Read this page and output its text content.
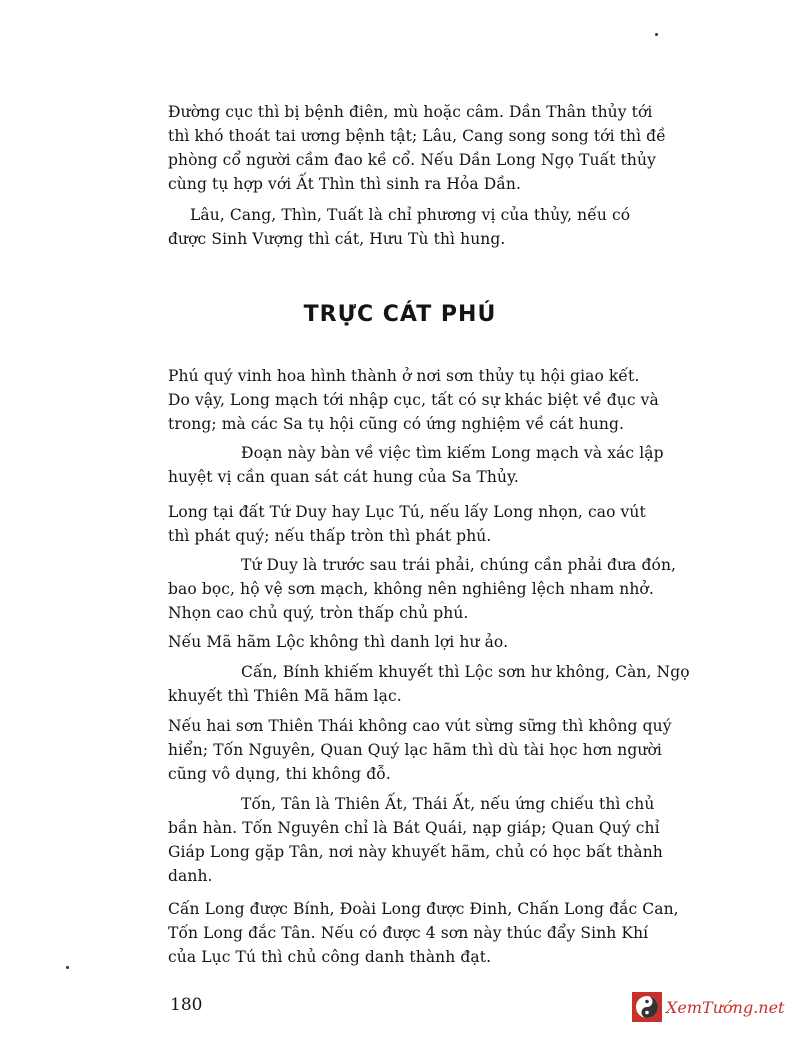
Đường cục thì bị bệnh điên, mù hoặc câm. Dần Thân thủy tới
thì khó thoát tai ương bệnh tật; Lâu, Cang song song tới thì đề
phòng cổ người cầm đao kề cổ. Nếu Dần Long Ngọ Tuất thủy
cùng tụ hợp với Ất Thìn thì sinh ra Hỏa Dần.
Lâu, Cang, Thìn, Tuất là chỉ phương vị của thủy, nếu có
được Sinh Vượng thì cát, Hưu Tù thì hung.
TRỰC CÁT PHÚ
Phú quý vinh hoa hình thành ở nơi sơn thủy tụ hội giao kết.
Do vậy, Long mạch tới nhập cục, tất có sự khác biệt về đục và
trong; mà các Sa tụ hội cũng có ứng nghiệm về cát hung.
Đoạn này bàn về việc tìm kiếm Long mạch và xác lập
huyệt vị cần quan sát cát hung của Sa Thủy.
Long tại đất Tứ Duy hay Lục Tú, nếu lấy Long nhọn, cao vút
thì phát quý; nếu thấp tròn thì phát phú.
Tứ Duy là trước sau trái phải, chúng cần phải đưa đón,
bao bọc, hộ vệ sơn mạch, không nên nghiêng lệch nham nhở.
Nhọn cao chủ quý, tròn thấp chủ phú.
Nếu Mã hãm Lộc không thì danh lợi hư ảo.
Cấn, Bính khiếm khuyết thì Lộc sơn hư không, Càn, Ngọ
khuyết thì Thiên Mã hãm lạc.
Nếu hai sơn Thiên Thái không cao vút sừng sững thì không quý
hiển; Tốn Nguyên, Quan Quý lạc hãm thì dù tài học hơn người
cũng vô dụng, thi không đỗ.
Tốn, Tân là Thiên Ất, Thái Ất, nếu ứng chiếu thì chủ
bần hàn. Tốn Nguyên chỉ là Bát Quái, nạp giáp; Quan Quý chỉ
Giáp Long gặp Tân, nơi này khuyết hãm, chủ có học bất thành
danh.
Cấn Long được Bính, Đoài Long được Đinh, Chấn Long đắc Can,
Tốn Long đắc Tân. Nếu có được 4 sơn này thúc đẩy Sinh Khí
của Lục Tú thì chủ công danh thành đạt.
180	XemTướng.net
